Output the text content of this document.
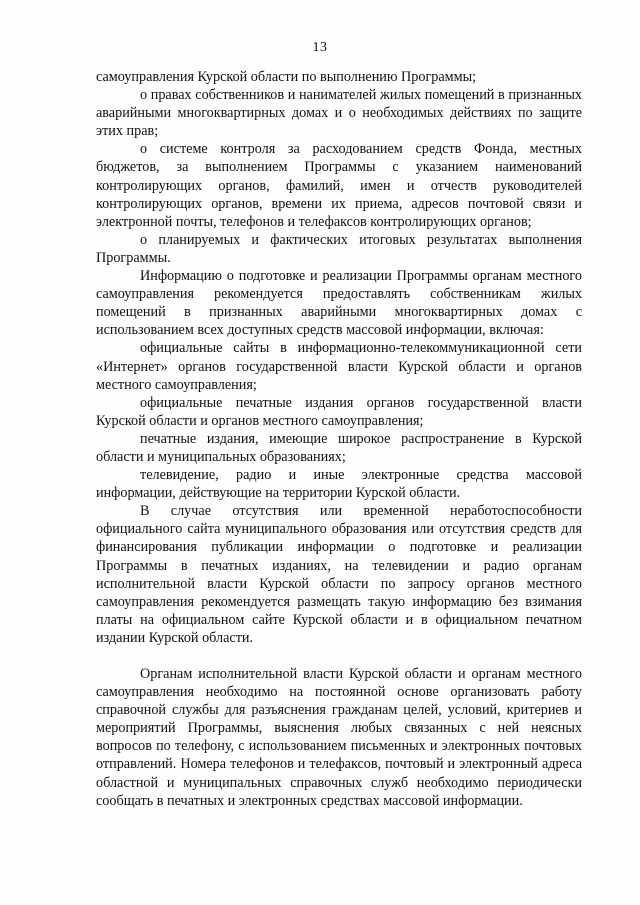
13

самоуправления Курской области по выполнению Программы;

о правах собственников и нанимателей жилых помещений в признанных аварийными многоквартирных домах и о необходимых действиях по защите этих прав;

о системе контроля за расходованием средств Фонда, местных бюджетов, за выполнением Программы с указанием наименований контролирующих органов, фамилий, имен и отчеств руководителей контролирующих органов, времени их приема, адресов почтовой связи и электронной почты, телефонов и телефаксов контролирующих органов;

о планируемых и фактических итоговых результатах выполнения Программы.

Информацию о подготовке и реализации Программы органам местного самоуправления рекомендуется предоставлять собственникам жилых помещений в признанных аварийными многоквартирных домах с использованием всех доступных средств массовой информации, включая:

официальные сайты в информационно-телекоммуникационной сети «Интернет» органов государственной власти Курской области и органов местного самоуправления;

официальные печатные издания органов государственной власти Курской области и органов местного самоуправления;

печатные издания, имеющие широкое распространение в Курской области и муниципальных образованиях;

телевидение, радио и иные электронные средства массовой информации, действующие на территории Курской области.

В случае отсутствия или временной неработоспособности официального сайта муниципального образования или отсутствия средств для финансирования публикации информации о подготовке и реализации Программы в печатных изданиях, на телевидении и радио органам исполнительной власти Курской области по запросу органов местного самоуправления рекомендуется размещать такую информацию без взимания платы на официальном сайте Курской области и в официальном печатном издании Курской области.

Органам исполнительной власти Курской области и органам местного самоуправления необходимо на постоянной основе организовать работу справочной службы для разъяснения гражданам целей, условий, критериев и мероприятий Программы, выяснения любых связанных с ней неясных вопросов по телефону, с использованием письменных и электронных почтовых отправлений. Номера телефонов и телефаксов, почтовый и электронный адреса областной и муниципальных справочных служб необходимо периодически сообщать в печатных и электронных средствах массовой информации.
